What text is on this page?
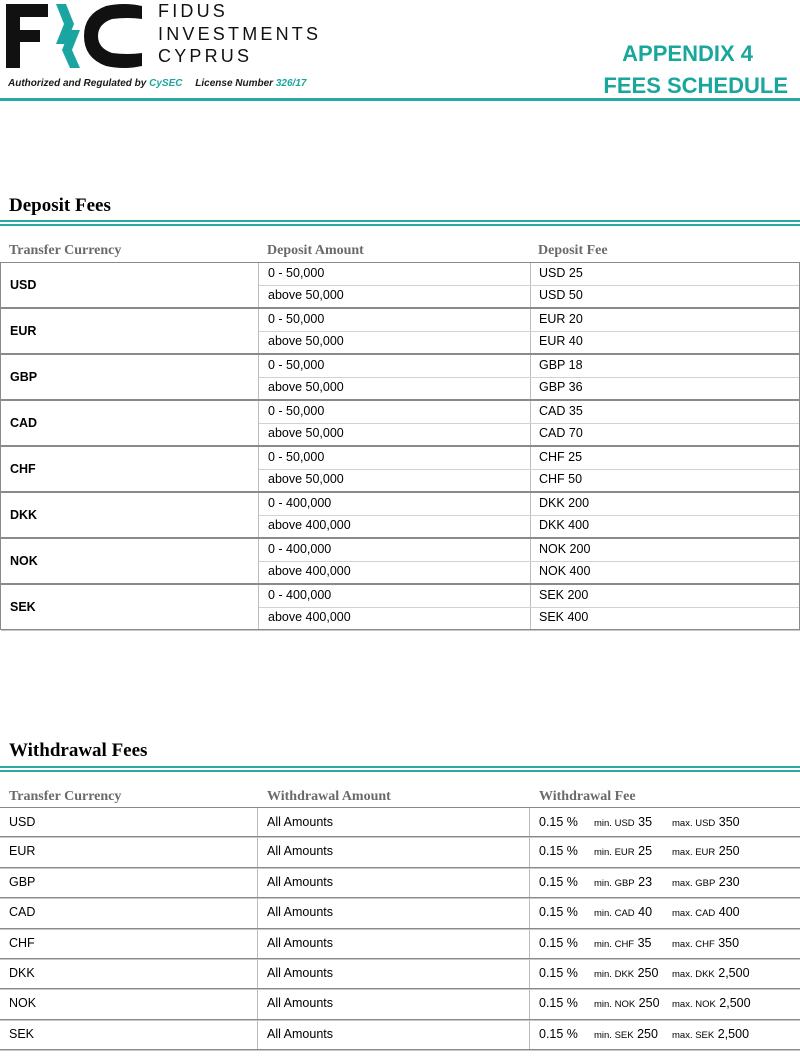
FIDUS
INVESTMENTS
CYPRUS
Authorized and Regulated by CySEC License Number 326/17
APPENDIX 4
FEES SCHEDULE
Deposit Fees
Transfer Currency	Deposit Amount	Deposit Fee
USD
0 - 50,000	USD 25
above 50,000	USD 50
EUR
0 - 50,000	EUR 20
above 50,000	EUR 40
GBP
0 - 50,000	GBP 18
above 50,000	GBP 36
CAD
0 - 50,000	CAD 35
above 50,000	CAD 70
CHF
0 - 50,000	CHF 25
above 50,000	CHF 50
DKK
0 - 400,000	DKK 200
above 400,000	DKK 400
NOK
0 - 400,000	NOK 200
above 400,000	NOK 400
SEK
0 - 400,000	SEK 200
above 400,000	SEK 400
Withdrawal Fees
Transfer Currency	Withdrawal Amount	Withdrawal Fee
USD	All Amounts	0.15 % min. USD 35 max. USD 350
EUR	All Amounts	0.15 % min. EUR 25 max. EUR 250
GBP	All Amounts	0.15 % min. GBP 23 max. GBP 230
CAD	All Amounts	0.15 % min. CAD 40 max. CAD 400
CHF	All Amounts	0.15 % min. CHF 35 max. CHF 350
DKK	All Amounts	0.15 % min. DKK 250 max. DKK 2,500
NOK	All Amounts	0.15 % min. NOK 250 max. NOK 2,500
SEK	All Amounts	0.15 % min. SEK 250 max. SEK 2,500
